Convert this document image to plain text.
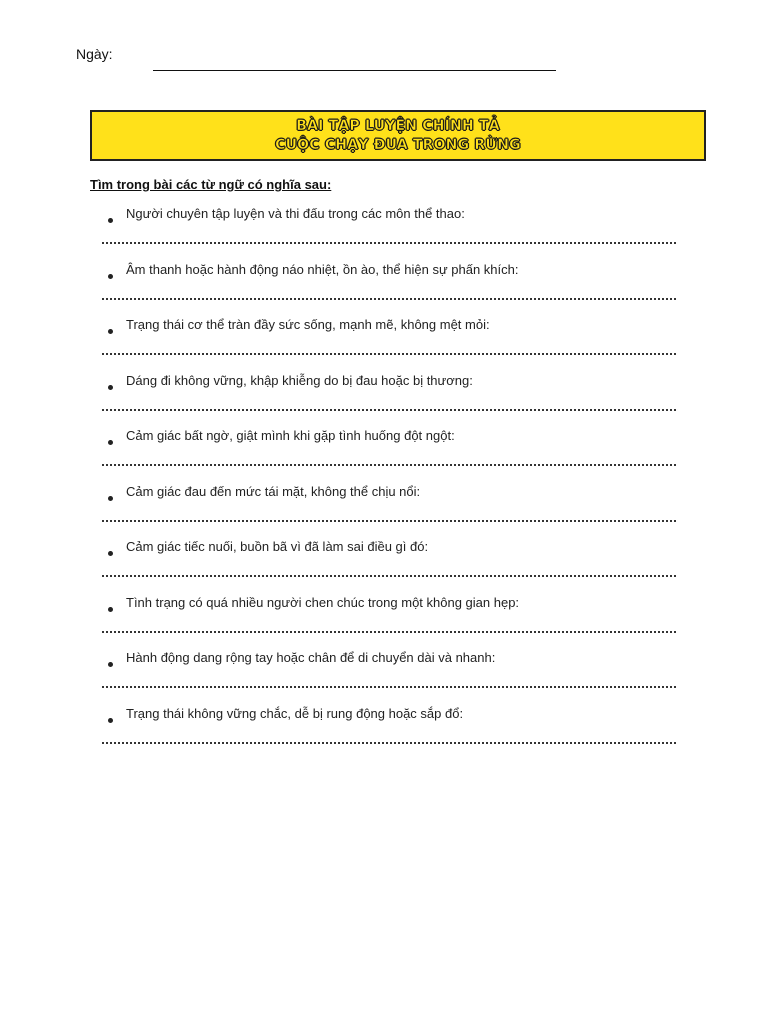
Ngày:
BÀI TẬP LUYỆN CHÍNH TẢ
CUỘC CHẠY ĐUA TRONG RỪNG
Tìm trong bài các từ ngữ có nghĩa sau:
Người chuyên tập luyện và thi đấu trong các môn thể thao:
Âm thanh hoặc hành động náo nhiệt, ồn ào, thể hiện sự phấn khích:
Trạng thái cơ thể tràn đầy sức sống, mạnh mẽ, không mệt mỏi:
Dáng đi không vững, khập khiễng do bị đau hoặc bị thương:
Cảm giác bất ngờ, giật mình khi gặp tình huống đột ngột:
Cảm giác đau đến mức tái mặt, không thể chịu nổi:
Cảm giác tiếc nuối, buồn bã vì đã làm sai điều gì đó:
Tình trạng có quá nhiều người chen chúc trong một không gian hẹp:
Hành động dang rộng tay hoặc chân để di chuyển dài và nhanh:
Trạng thái không vững chắc, dễ bị rung động hoặc sắp đổ:
